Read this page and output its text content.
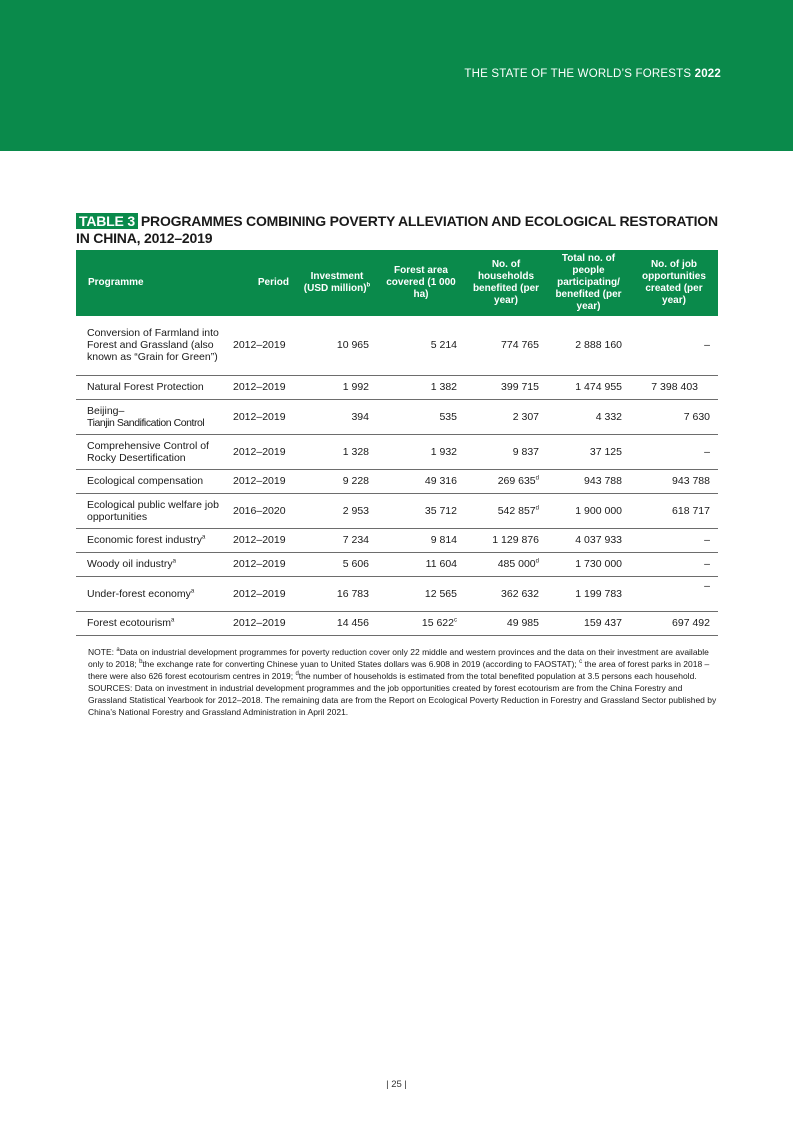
THE STATE OF THE WORLD’S FORESTS 2022
TABLE 3 PROGRAMMES COMBINING POVERTY ALLEVIATION AND ECOLOGICAL RESTORATION IN CHINA, 2012–2019
Programme	Period	Investment (USD million)$^b$	Forest area covered (1 000 ha)	No. of households benefited (per year)	Total no. of people participating/ benefited (per year)	No. of job opportunities created (per year)
Conversion of Farmland into Forest and Grassland (also known as “Grain for Green”)	2012–2019	10 965	5 214	774 765	2 888 160	–
Natural Forest Protection	2012–2019	1 992	1 382	399 715	1 474 955	7 398 403
Beijing–
Tianjin Sandification Control	2012–2019	394	535	2 307	4 332	7 630
Comprehensive Control of Rocky Desertification	2012–2019	1 328	1 932	9 837	37 125	–
Ecological compensation	2012–2019	9 228	49 316	269 635$^d$	943 788	943 788
Ecological public welfare job opportunities	2016–2020	2 953	35 712	542 857$^d$	1 900 000	618 717
Economic forest industry$^a$	2012–2019	7 234	9 814	1 129 876	4 037 933	–
Woody oil industry$^a$	2012–2019	5 606	11 604	485 000$^d$	1 730 000	–
Under-forest economy$^a$	2012–2019	16 783	12 565	362 632	1 199 783	–
Forest ecotourism$^a$	2012–2019	14 456	15 622$^c$	49 985	159 437	697 492

NOTE: $^a$Data on industrial development programmes for poverty reduction cover only 22 middle and western provinces and the data on their investment are available only to 2018; $^b$the exchange rate for converting Chinese yuan to United States dollars was 6.908 in 2019 (according to FAOSTAT); $^c$ the area of forest parks in 2018 – there were also 626 forest ecotourism centres in 2019; $^d$the number of households is estimated from the total benefited population at 3.5 persons each household.

SOURCES: Data on investment in industrial development programmes and the job opportunities created by forest ecotourism are from the China Forestry and Grassland Statistical Yearbook for 2012–2018. The remaining data are from the Report on Ecological Poverty Reduction in Forestry and Grassland Sector published by China’s National Forestry and Grassland Administration in April 2021.

| 25 |
